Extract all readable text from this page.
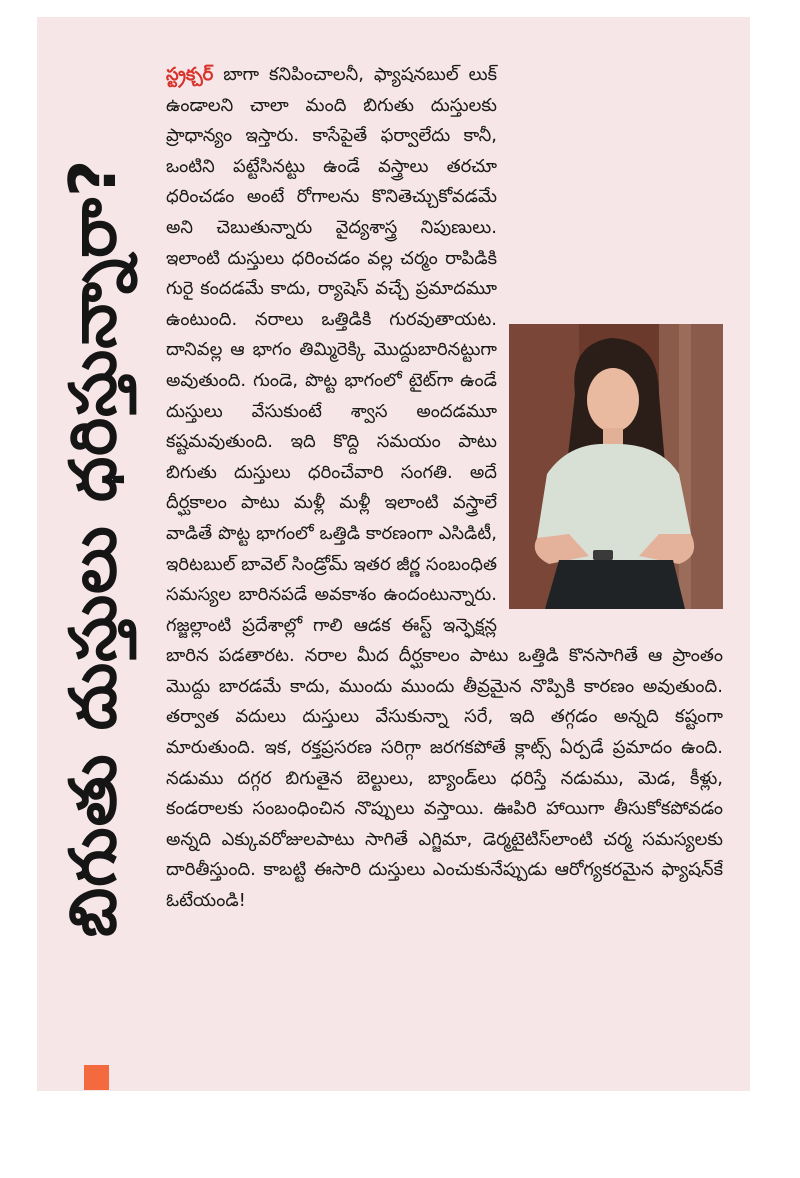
బిగుతు దుస్తులు ధరిస్తున్నారా?

స్ట్రక్చర్ బాగా కనిపించాలనీ, ఫ్యాషనబుల్ లుక్ ఉండాలని చాలా మంది బిగుతు దుస్తులకు ప్రాధాన్యం ఇస్తారు. కాసేపైతే ఫర్వాలేదు కానీ, ఒంటిని పట్టేసినట్టు ఉండే వస్త్రాలు తరచూ ధరించడం అంటే రోగాలను కొనితెచ్చుకోవడమే అని చెబుతున్నారు వైద్యశాస్త్ర నిపుణులు. ఇలాంటి దుస్తులు ధరించడం వల్ల చర్మం రాపిడికి గురై కందడమే కాదు, ర్యాషెస్ వచ్చే ప్రమాదమూ ఉంటుంది. నరాలు ఒత్తిడికి గురవుతాయట. దానివల్ల ఆ భాగం తిమ్మిరెక్కి మొద్దుబారినట్టుగా అవుతుంది. గుండె, పొట్ట భాగంలో టైట్‌గా ఉండే దుస్తులు వేసుకుంటే శ్వాస అందడమూ కష్టమవుతుంది. ఇది కొద్ది సమయం పాటు బిగుతు దుస్తులు ధరించేవారి సంగతి. అదే దీర్ఘకాలం పాటు మళ్లీ మళ్లీ ఇలాంటి వస్త్రాలే వాడితే పొట్ట భాగంలో ఒత్తిడి కారణంగా ఎసిడిటీ, ఇరిటబుల్ బావెల్ సిండ్రోమ్ ఇతర జీర్ణ సంబంధిత సమస్యల బారినపడే అవకాశం ఉందంటున్నారు. గజ్జల్లాంటి ప్రదేశాల్లో గాలి ఆడక ఈస్ట్ ఇన్ఫెక్షన్ల బారిన పడతారట. నరాల మీద దీర్ఘకాలం పాటు ఒత్తిడి కొనసాగితే ఆ ప్రాంతం మొద్దు బారడమే కాదు, ముందు ముందు తీవ్రమైన నొప్పికి కారణం అవుతుంది. తర్వాత వదులు దుస్తులు వేసుకున్నా సరే, ఇది తగ్గడం అన్నది కష్టంగా మారుతుంది. ఇక, రక్తప్రసరణ సరిగ్గా జరగకపోతే క్లాట్స్ ఏర్పడే ప్రమాదం ఉంది. నడుము దగ్గర బిగుతైన బెల్టులు, బ్యాండ్‌లు ధరిస్తే నడుము, మెడ, కీళ్లు, కండరాలకు సంబంధించిన నొప్పులు వస్తాయి. ఊపిరి హాయిగా తీసుకోకపోవడం అన్నది ఎక్కువరోజులపాటు సాగితే ఎగ్జిమా, డెర్మటైటిస్‌లాంటి చర్మ సమస్యలకు దారితీస్తుంది. కాబట్టి ఈసారి దుస్తులు ఎంచుకునేప్పుడు ఆరోగ్యకరమైన ఫ్యాషన్‌కే ఓటేయండి!
